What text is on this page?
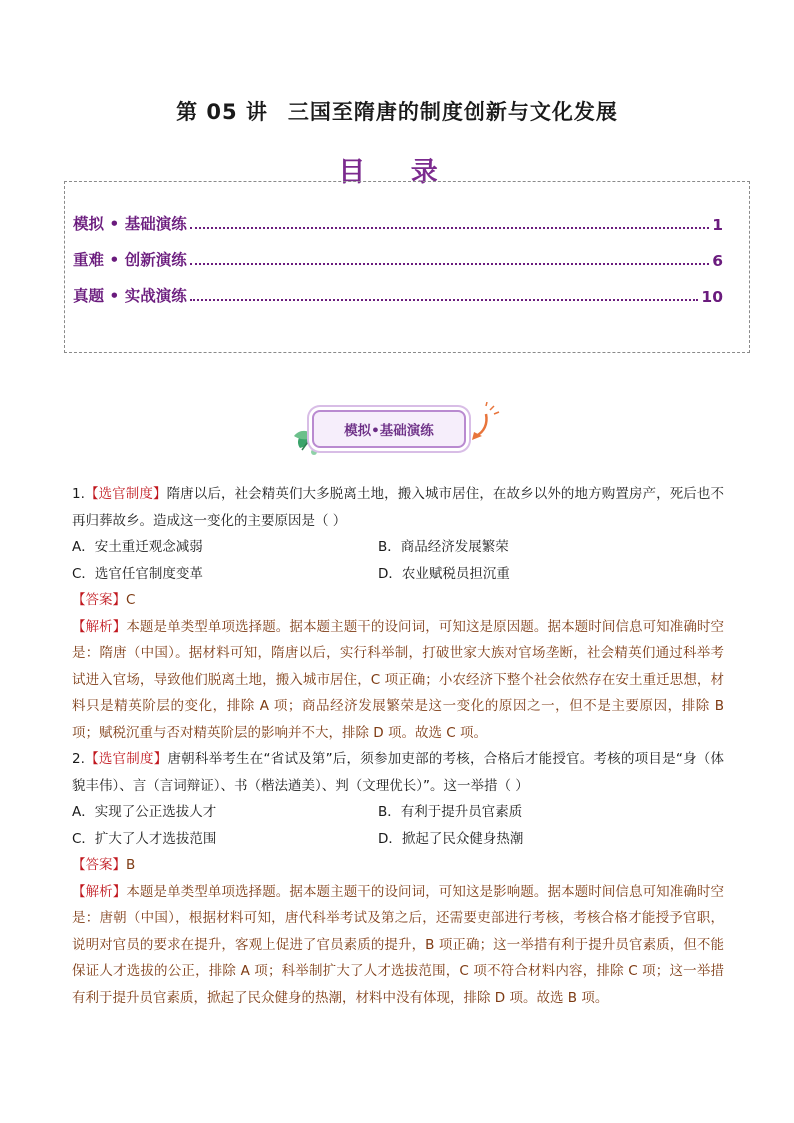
第 05 讲 三国至隋唐的制度创新与文化发展
目 录
模拟 • 基础演练	1
重难 • 创新演练	6
真题 • 实战演练	10
模拟•基础演练

1.【选官制度】隋唐以后，社会精英们大多脱离土地，搬入城市居住，在故乡以外的地方购置房产，死后也不再归葬故乡。造成这一变化的主要原因是（ ）

A．安土重迁观念减弱	B．商品经济发展繁荣
C．选官任官制度变革	D．农业赋税员担沉重

【答案】C

【解析】本题是单类型单项选择题。据本题主题干的设问词，可知这是原因题。据本题时间信息可知准确时空是：隋唐（中国）。据材料可知，隋唐以后，实行科举制，打破世家大族对官场垄断，社会精英们通过科举考试进入官场，导致他们脱离土地，搬入城市居住，C 项正确；小农经济下整个社会依然存在安土重迁思想，材料只是精英阶层的变化，排除 A 项；商品经济发展繁荣是这一变化的原因之一，但不是主要原因，排除 B 项；赋税沉重与否对精英阶层的影响并不大，排除 D 项。故选 C 项。

2.【选官制度】唐朝科举考生在“省试及第”后，须参加吏部的考核，合格后才能授官。考核的项目是“身（体貌丰伟）、言（言词辩证）、书（楷法遒美）、判（文理优长）”。这一举措（ ）

A．实现了公正选拔人才	B．有利于提升员官素质
C．扩大了人才选拔范围	D．掀起了民众健身热潮

【答案】B

【解析】本题是单类型单项选择题。据本题主题干的设问词，可知这是影响题。据本题时间信息可知准确时空是：唐朝（中国），根据材料可知，唐代科举考试及第之后，还需要吏部进行考核，考核合格才能授予官职，说明对官员的要求在提升，客观上促进了官员素质的提升，B 项正确；这一举措有利于提升员官素质，但不能保证人才选拔的公正，排除 A 项；科举制扩大了人才选拔范围，C 项不符合材料内容，排除 C 项；这一举措有利于提升员官素质，掀起了民众健身的热潮，材料中没有体现，排除 D 项。故选 B 项。
